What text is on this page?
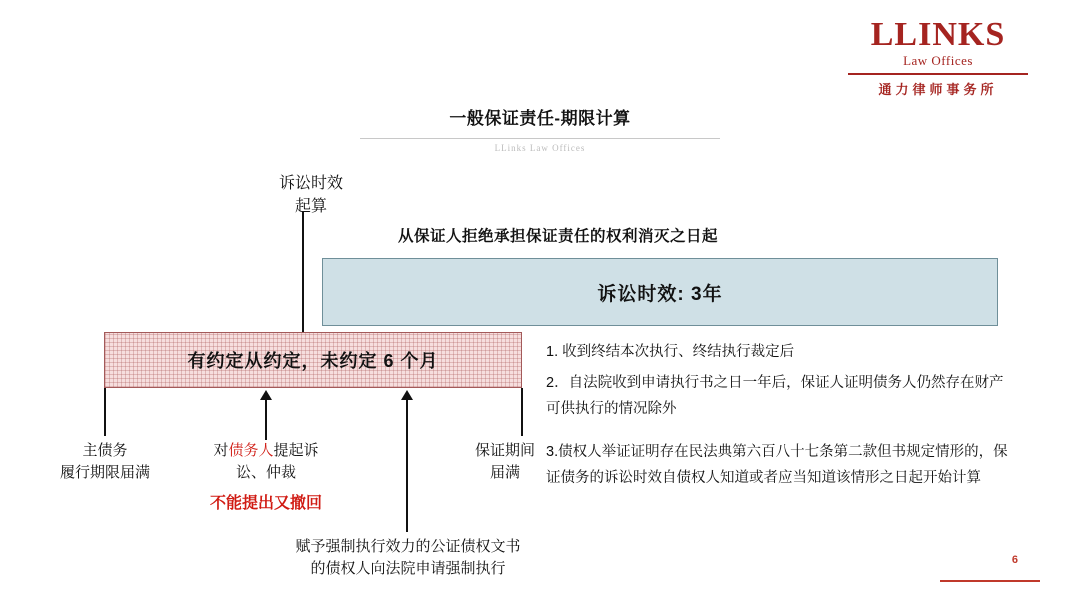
LLINKS
Law Offices
通力律师事务所
一般保证责任-期限计算
LLinks Law Offices
从保证人拒绝承担保证责任的权利消灭之日起
诉讼时效: 3年
有约定从约定，未约定 6 个月
诉讼时效
起算
主债务
履行期限届满
对债务人提起诉
讼、仲裁
不能提出又撤回
保证期间
届满
赋予强制执行效力的公证债权文书
的债权人向法院申请强制执行
1. 收到终结本次执行、终结执行裁定后
2．自法院收到申请执行书之日一年后，保证人证明债务人仍然存在财产可供执行的情况除外
3.债权人举证证明存在民法典第六百八十七条第二款但书规定情形的，保证债务的诉讼时效自债权人知道或者应当知道该情形之日起开始计算
6
